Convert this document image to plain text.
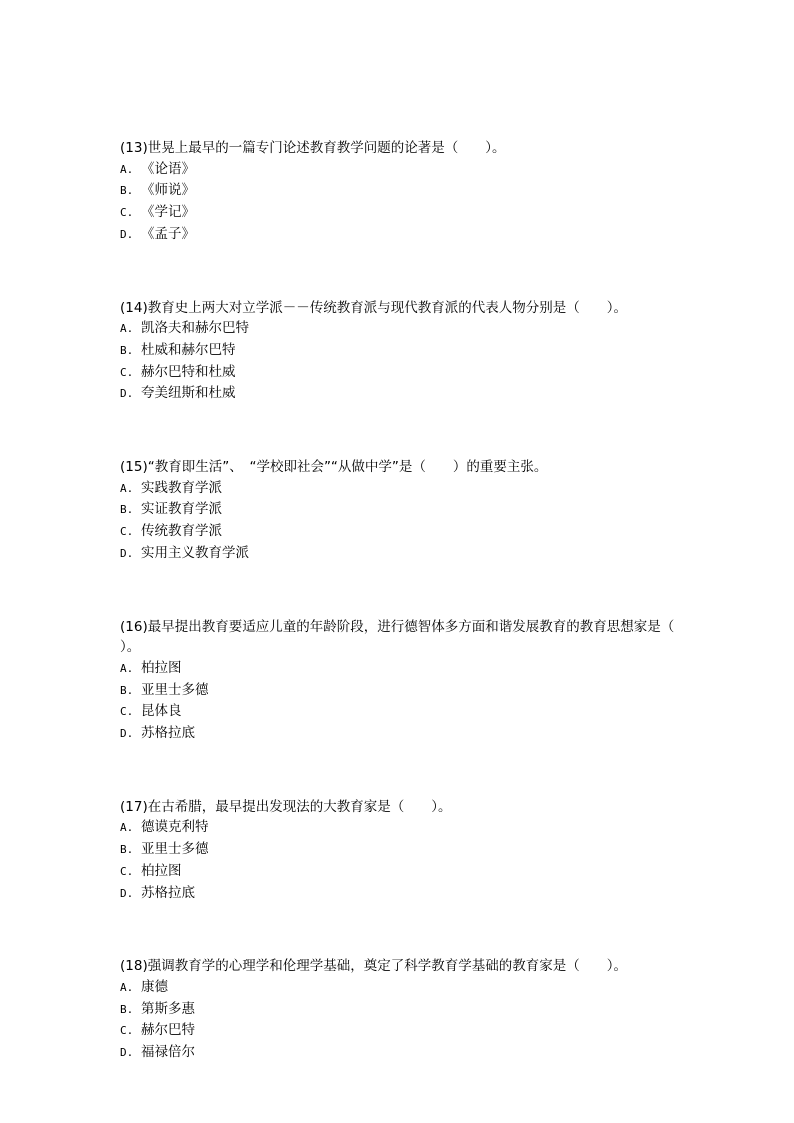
(13)世晃上最早的一篇专门论述教育教学问题的论著是（　　）。

A. 《论语》

B. 《师说》

C. 《学记》

D. 《孟子》

(14)教育史上两大对立学派－－传统教育派与现代教育派的代表人物分别是（　　）。

A. 凯洛夫和赫尔巴特

B. 杜威和赫尔巴特

C. 赫尔巴特和杜威

D. 夸美纽斯和杜威

(15)“教育即生活”、　“学校即社会”“从做中学”是（　　）的重要主张。

A. 实践教育学派

B. 实证教育学派

C. 传统教育学派

D. 实用主义教育学派

(16)最早提出教育要适应儿童的年龄阶段，进行德智体多方面和谐发展教育的教育思想家是（　　）。

A. 柏拉图

B. 亚里士多德

C. 昆体良

D. 苏格拉底

(17)在古希腊，最早提出发现法的大教育家是（　　）。

A. 德谟克利特

B. 亚里士多德

C. 柏拉图

D. 苏格拉底

(18)强调教育学的心理学和伦理学基础，奠定了科学教育学基础的教育家是（　　）。

A. 康德

B. 第斯多惠

C. 赫尔巴特

D. 福禄倍尔
